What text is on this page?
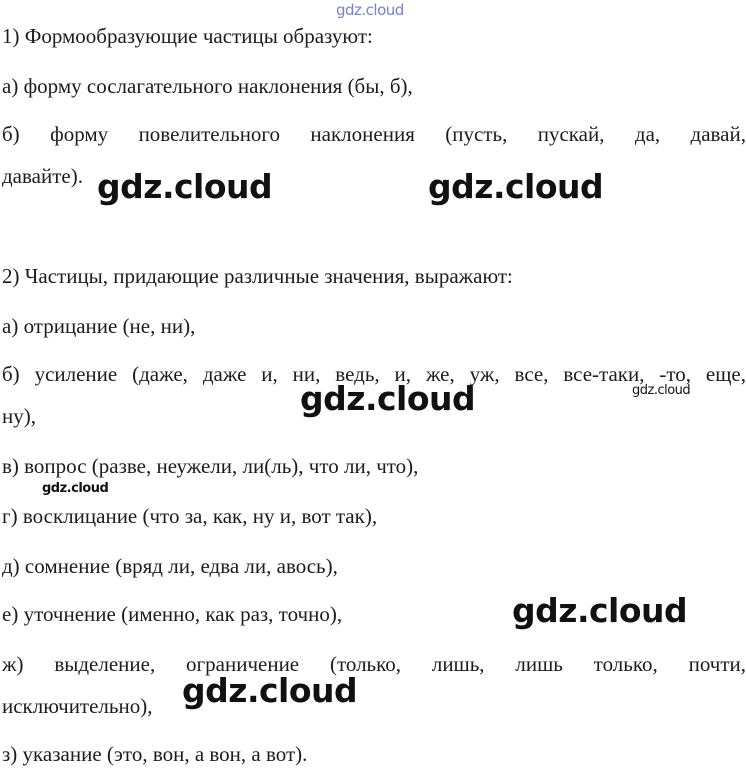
gdz.cloud
1) Формообразующие частицы образуют:
а) форму сослагательного наклонения (бы, б),
б) форму повелительного наклонения (пусть, пускай, да, давай,
давайте). gdz.cloud	gdz.cloud
2) Частицы, придающие различные значения, выражают:
а) отрицание (не, ни),
б) усиление (даже, даже и, ни, ведь, и, же, уж, все, все-таки, -то, еще,
ну),	gdz.cloud	gdz.cloud
в) вопрос (разве, неужели, ли(ль), что ли, что),
gdz.cloud
г) восклицание (что за, как, ну и, вот так),
д) сомнение (вряд ли, едва ли, авось),
е) уточнение (именно, как раз, точно),	gdz.cloud
ж) выделение, ограничение (только, лишь, лишь только, почти,
исключительно), gdz.cloud
з) указание (это, вон, а вон, а вот).
